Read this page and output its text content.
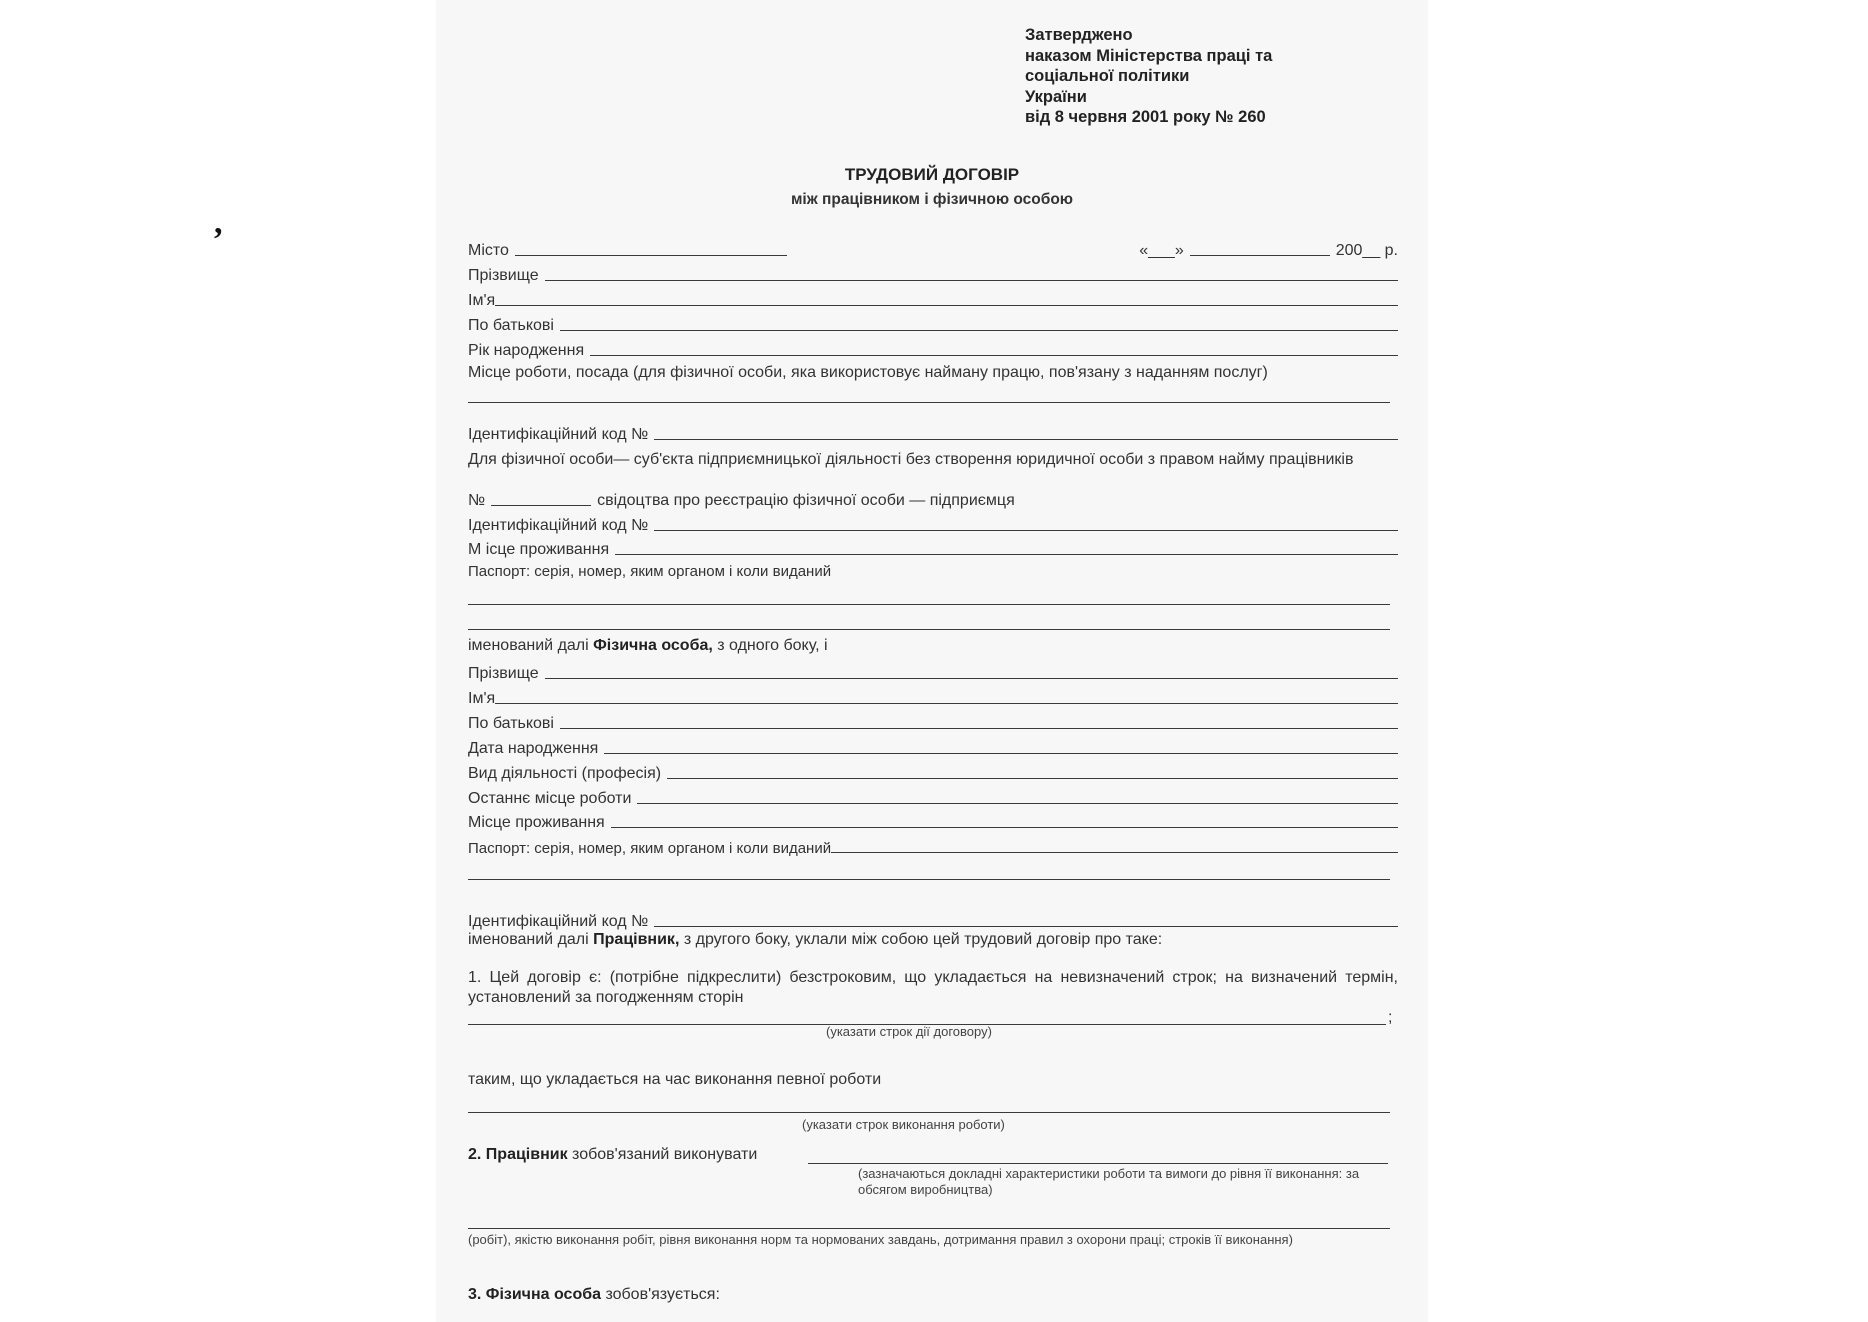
,
Затверджено
наказом Міністерства праці та
соціальної політики
України
від 8 червня 2001 року № 260
ТРУДОВИЙ ДОГОВІР
між працівником і фізичною особою
Місто	«___»	200__ р.
Прізвище
Ім'я
По батькові
Рік народження
Місце роботи, посада (для фізичної особи, яка використовує найману працю, пов'язану з наданням послуг)
Ідентифікаційний код №
Для фізичної особи— суб'єкта підприємницької діяльності без створення юридичної особи з правом найму працівників
№	свідоцтва про реєстрацію фізичної особи — підприємця
Ідентифікаційний код №
М ісце проживання
Паспорт: серія, номер, яким органом і коли виданий
іменований далі Фізична особа, з одного боку, і
Прізвище
Ім'я
По батькові
Дата народження
Вид діяльності (професія)
Останнє місце роботи
Місце проживання
Паспорт: серія, номер, яким органом і коли виданий
Ідентифікаційний код №
іменований далі Працівник, з другого боку, уклали між собою цей трудовий договір про таке:
1. Цей договір є: (потрібне підкреслити) безстроковим, що укладається на невизначений строк; на визначений термін, установлений за погодженням сторін
;
(указати строк дії договору)
таким, що укладається на час виконання певної роботи
(указати строк виконання роботи)
2. Працівник зобов'язаний виконувати
(зазначаються докладні характеристики роботи та вимоги до рівня її виконання: за обсягом виробництва)
(робіт), якістю виконання робіт, рівня виконання норм та нормованих завдань, дотримання правил з охорони праці; строків її виконання)
3. Фізична особа зобов'язується:
